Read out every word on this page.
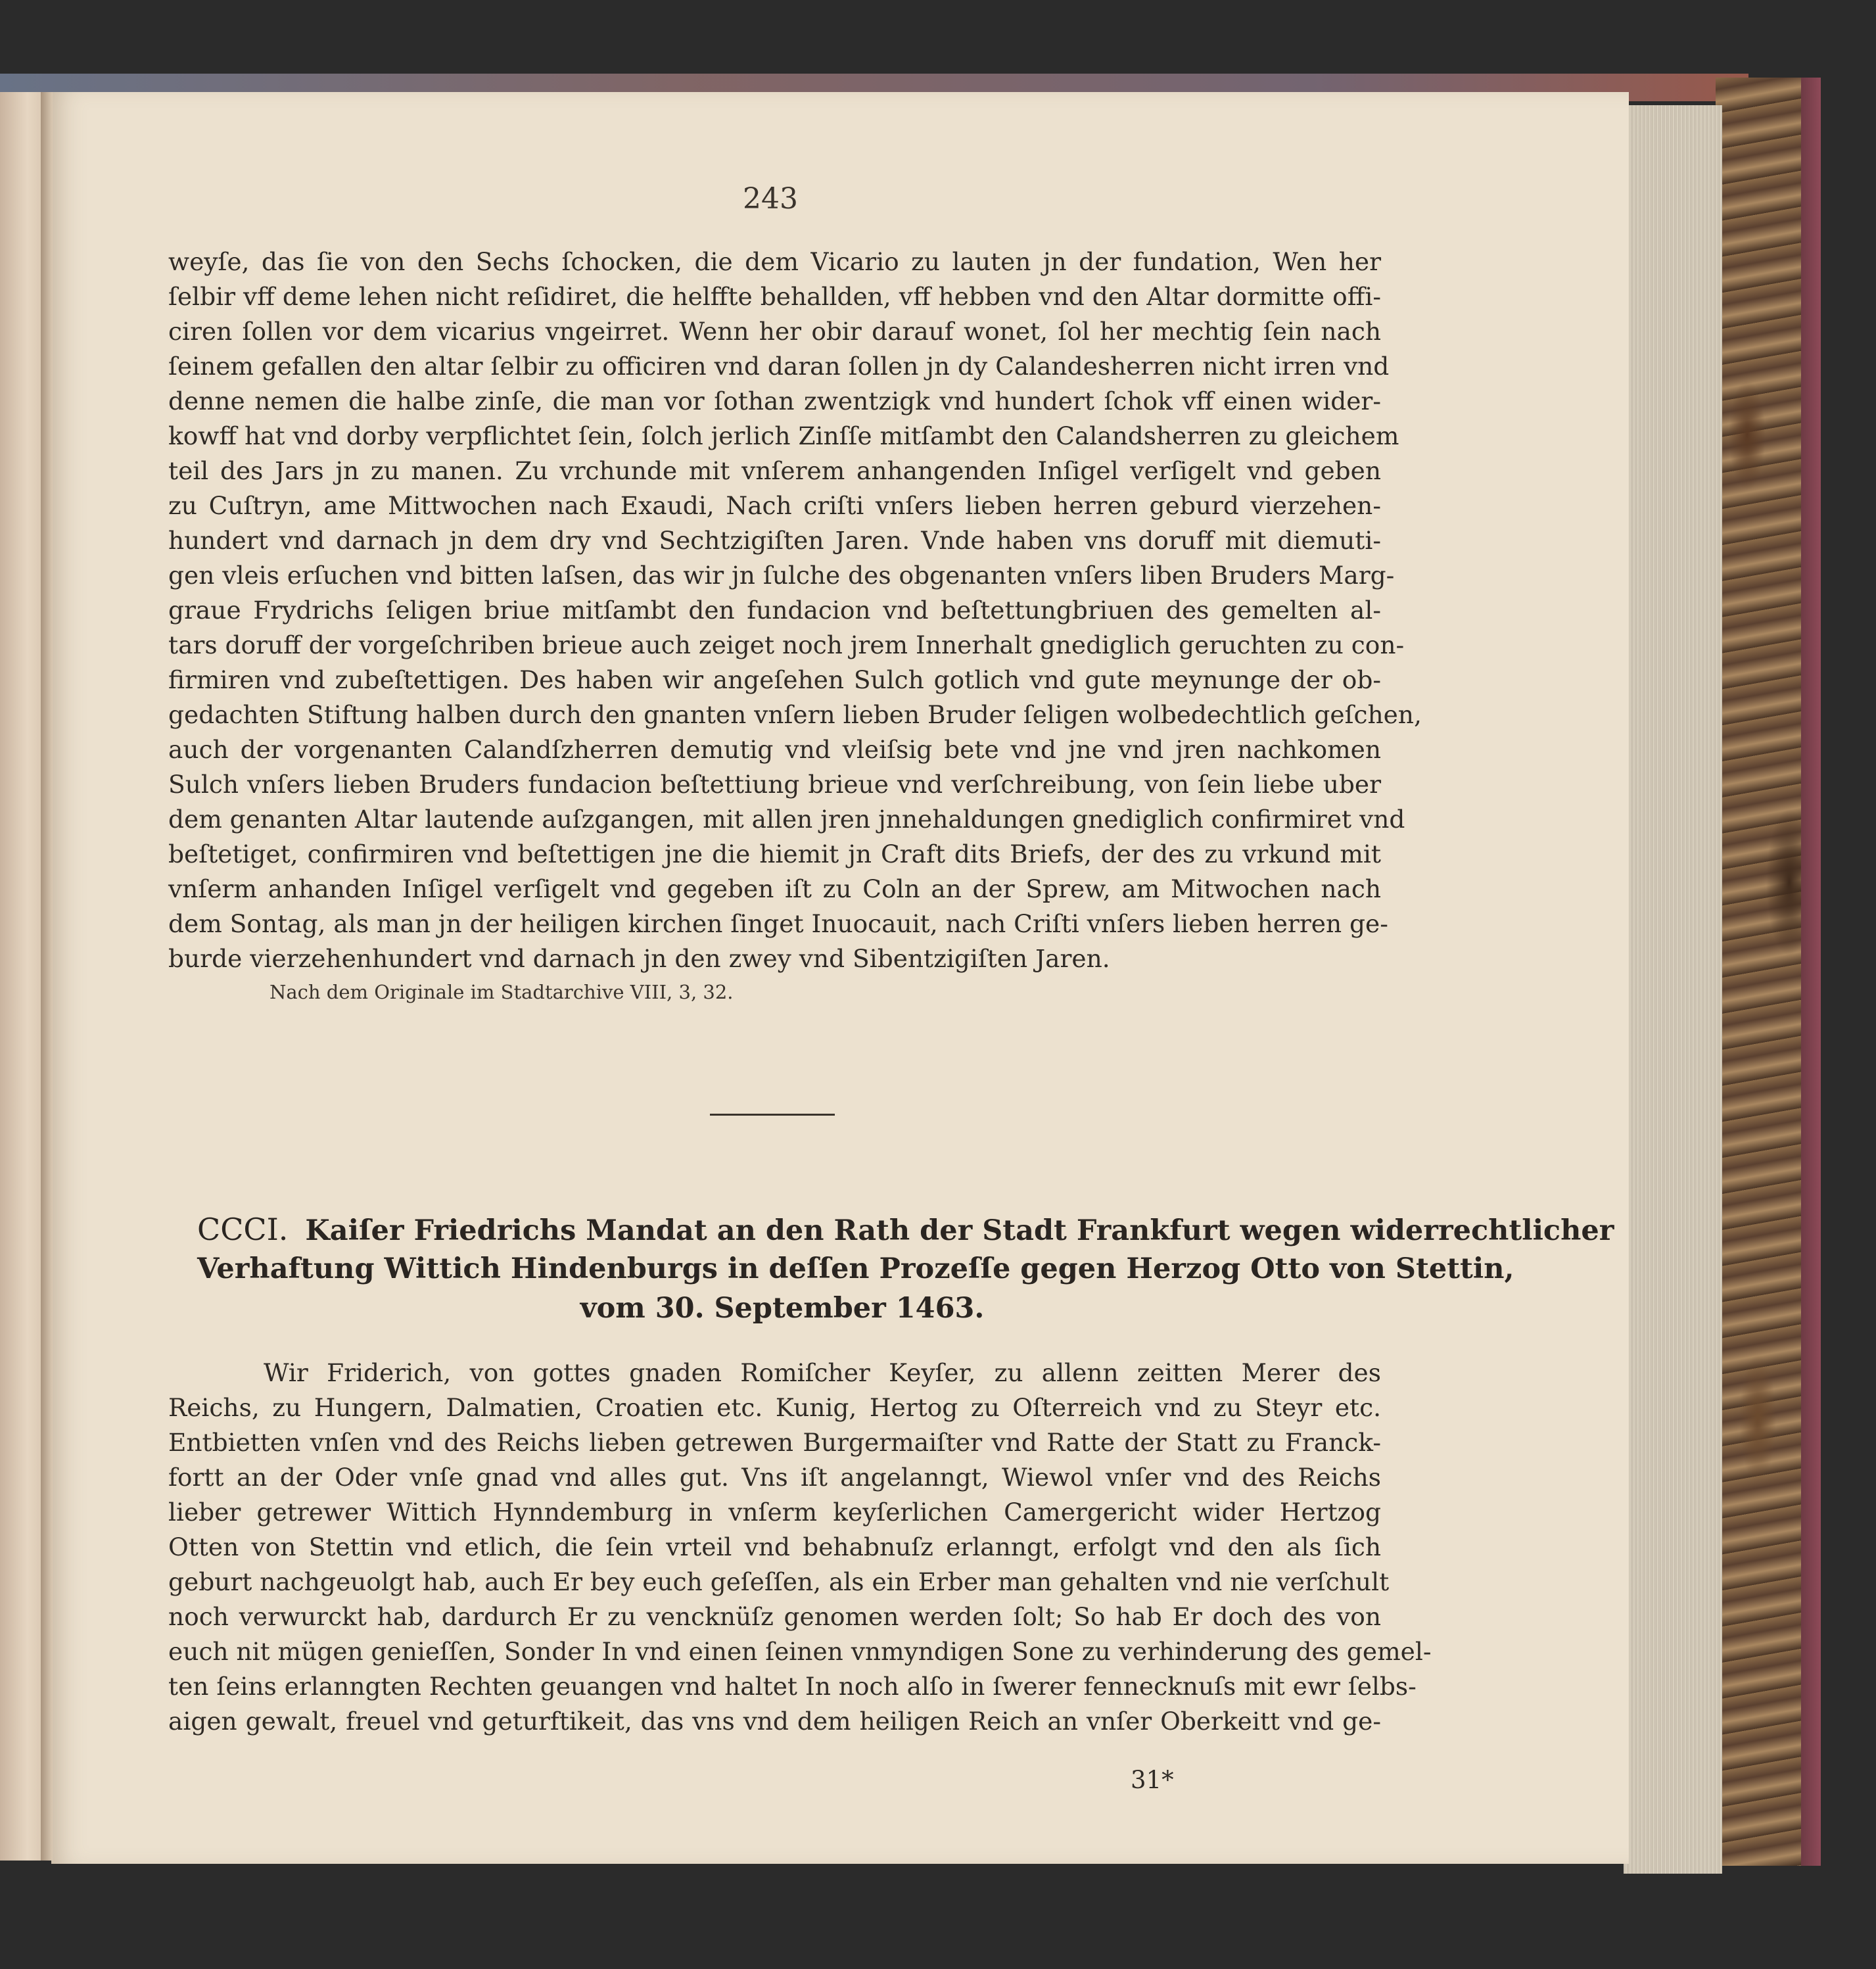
243
weyſe, das ſie von den Sechs ſchocken, die dem Vicario zu lauten jn der fundation, Wen her
ſelbir vff deme lehen nicht reſidiret, die helffte behallden, vff hebben vnd den Altar dormitte offi-
ciren ſollen vor dem vicarius vngeirret. Wenn her obir darauf wonet, ſol her mechtig ſein nach
ſeinem gefallen den altar ſelbir zu officiren vnd daran ſollen jn dy Calandesherren nicht irren vnd
denne nemen die halbe zinſe, die man vor ſothan zwentzigk vnd hundert ſchok vff einen wider-
kowff hat vnd dorby verpflichtet ſein, ſolch jerlich Zinſſe mitſambt den Calandsherren zu gleichem
teil des Jars jn zu manen. Zu vrchunde mit vnſerem anhangenden Inſigel verſigelt vnd geben
zu Cuſtryn, ame Mittwochen nach Exaudi, Nach criſti vnſers lieben herren geburd vierzehen-
hundert vnd darnach jn dem dry vnd Sechtzigiſten Jaren. Vnde haben vns doruff mit diemuti-
gen vleis erſuchen vnd bitten laſsen, das wir jn ſulche des obgenanten vnſers liben Bruders Marg-
graue Frydrichs ſeligen briue mitſambt den fundacion vnd beſtettungbriuen des gemelten al-
tars doruff der vorgeſchriben brieue auch zeiget noch jrem Innerhalt gnediglich geruchten zu con-
firmiren vnd zubeſtettigen. Des haben wir angeſehen Sulch gotlich vnd gute meynunge der ob-
gedachten Stiftung halben durch den gnanten vnſern lieben Bruder ſeligen wolbedechtlich geſchen,
auch der vorgenanten Calandſzherren demutig vnd vleiſsig bete vnd jne vnd jren nachkomen
Sulch vnſers lieben Bruders fundacion beſtettiung brieue vnd verſchreibung, von ſein liebe uber
dem genanten Altar lautende auſzgangen, mit allen jren jnnehaldungen gnediglich confirmiret vnd
beſtetiget, confirmiren vnd beſtettigen jne die hiemit jn Craft dits Briefs, der des zu vrkund mit
vnſerm anhanden Inſigel verſigelt vnd gegeben iſt zu Coln an der Sprew, am Mitwochen nach
dem Sontag, als man jn der heiligen kirchen ſinget Inuocauit, nach Criſti vnſers lieben herren ge-
burde vierzehenhundert vnd darnach jn den zwey vnd Sibentzigiſten Jaren.
Nach dem Originale im Stadtarchive VIII, 3, 32.
CCCI. Kaiſer Friedrichs Mandat an den Rath der Stadt Frankfurt wegen widerrechtlicher
Verhaftung Wittich Hindenburgs in deſſen Prozeſſe gegen Herzog Otto von Stettin,
vom 30. September 1463.
Wir Friderich, von gottes gnaden Romiſcher Keyſer, zu allenn zeitten Merer des
Reichs, zu Hungern, Dalmatien, Croatien etc. Kunig, Hertog zu Oſterreich vnd zu Steyr etc.
Entbietten vnſen vnd des Reichs lieben getrewen Burgermaiſter vnd Ratte der Statt zu Franck-
fortt an der Oder vnſe gnad vnd alles gut. Vns iſt angelanngt, Wiewol vnſer vnd des Reichs
lieber getrewer Wittich Hynndemburg in vnſerm keyſerlichen Camergericht wider Hertzog
Otten von Stettin vnd etlich, die ſein vrteil vnd behabnuſz erlanngt, erfolgt vnd den als ſich
geburt nachgeuolgt hab, auch Er bey euch geſeſſen, als ein Erber man gehalten vnd nie verſchult
noch verwurckt hab, dardurch Er zu vencknüſz genomen werden ſolt; So hab Er doch des von
euch nit mügen genieſſen, Sonder In vnd einen ſeinen vnmyndigen Sone zu verhinderung des gemel-
ten ſeins erlanngten Rechten geuangen vnd haltet In noch alſo in ſwerer fennecknuſs mit ewr ſelbs-
aigen gewalt, freuel vnd geturftikeit, das vns vnd dem heiligen Reich an vnſer Oberkeitt vnd ge-
31*
